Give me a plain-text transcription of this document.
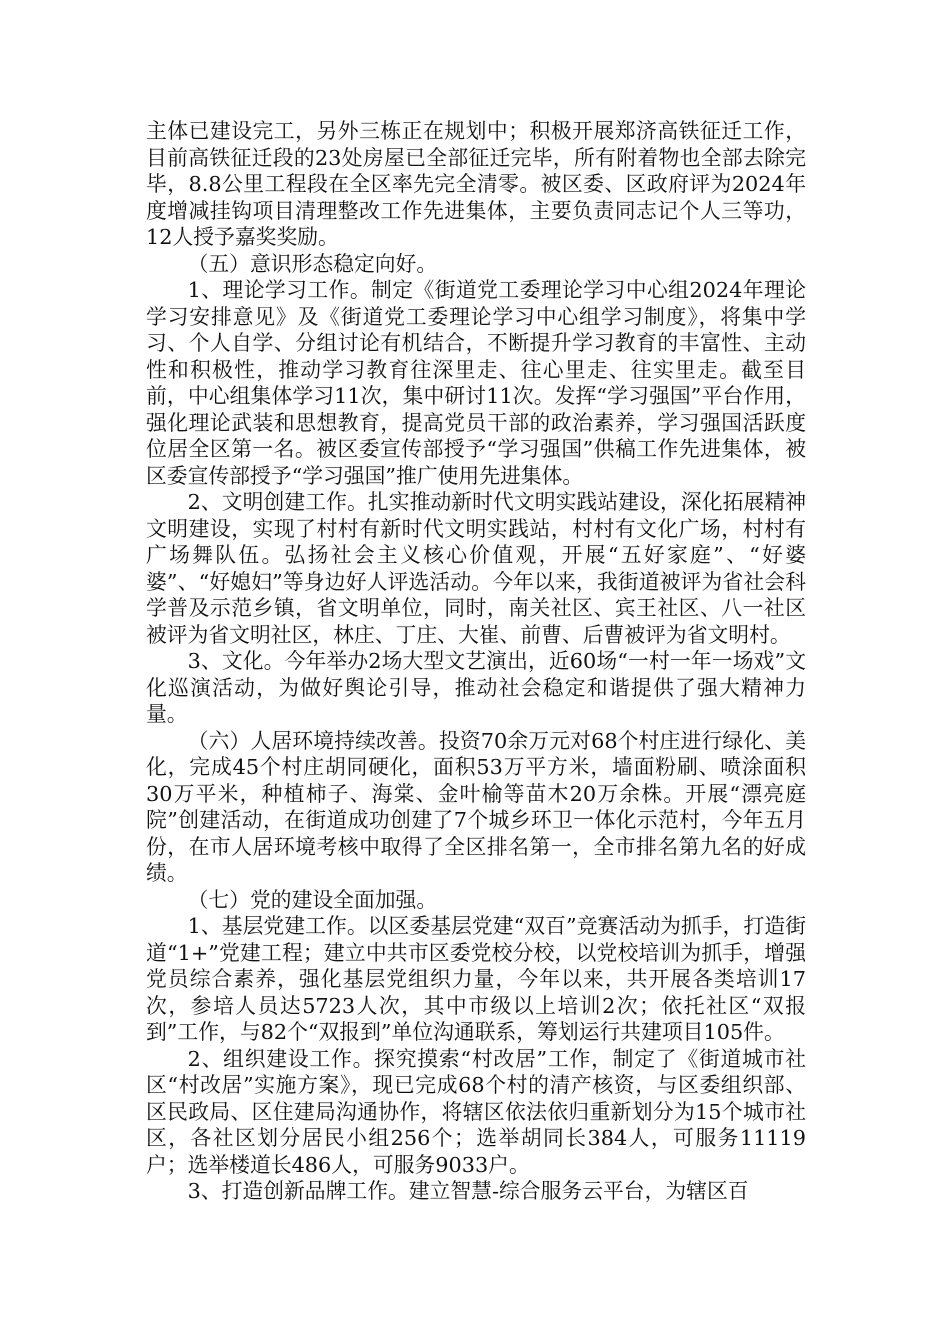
主体已建设完工，另外三栋正在规划中；积极开展郑济高铁征迁工作，目前高铁征迁段的23处房屋已全部征迁完毕，所有附着物也全部去除完毕，8.8公里工程段在全区率先完全清零。被区委、区政府评为2024年度增减挂钩项目清理整改工作先进集体，主要负责同志记个人三等功，12人授予嘉奖奖励。

（五）意识形态稳定向好。

1、理论学习工作。制定《街道党工委理论学习中心组2024年理论学习安排意见》及《街道党工委理论学习中心组学习制度》，将集中学习、个人自学、分组讨论有机结合，不断提升学习教育的丰富性、主动性和积极性，推动学习教育往深里走、往心里走、往实里走。截至目前，中心组集体学习11次，集中研讨11次。发挥“学习强国”平台作用，强化理论武装和思想教育，提高党员干部的政治素养，学习强国活跃度位居全区第一名。被区委宣传部授予“学习强国”供稿工作先进集体，被区委宣传部授予“学习强国”推广使用先进集体。

2、文明创建工作。扎实推动新时代文明实践站建设，深化拓展精神文明建设，实现了村村有新时代文明实践站，村村有文化广场，村村有广场舞队伍。弘扬社会主义核心价值观，开展“五好家庭”、“好婆婆”、“好媳妇”等身边好人评选活动。今年以来，我街道被评为省社会科学普及示范乡镇，省文明单位，同时，南关社区、宾王社区、八一社区被评为省文明社区，林庄、丁庄、大崔、前曹、后曹被评为省文明村。

3、文化。今年举办2场大型文艺演出，近60场“一村一年一场戏”文化巡演活动，为做好舆论引导，推动社会稳定和谐提供了强大精神力量。

（六）人居环境持续改善。投资70余万元对68个村庄进行绿化、美化，完成45个村庄胡同硬化，面积53万平方米，墙面粉刷、喷涂面积30万平米，种植柿子、海棠、金叶榆等苗木20万余株。开展“漂亮庭院”创建活动，在街道成功创建了7个城乡环卫一体化示范村，今年五月份，在市人居环境考核中取得了全区排名第一，全市排名第九名的好成绩。

（七）党的建设全面加强。

1、基层党建工作。以区委基层党建“双百”竞赛活动为抓手，打造街道“1+”党建工程；建立中共市区委党校分校，以党校培训为抓手，增强党员综合素养，强化基层党组织力量，今年以来，共开展各类培训17次，参培人员达5723人次，其中市级以上培训2次；依托社区“双报到”工作，与82个“双报到”单位沟通联系，筹划运行共建项目105件。

2、组织建设工作。探究摸索“村改居”工作，制定了《街道城市社区“村改居”实施方案》，现已完成68个村的清产核资，与区委组织部、区民政局、区住建局沟通协作，将辖区依法依归重新划分为15个城市社区，各社区划分居民小组256个；选举胡同长384人，可服务11119户；选举楼道长486人，可服务9033户。

3、打造创新品牌工作。建立智慧-综合服务云平台，为辖区百
